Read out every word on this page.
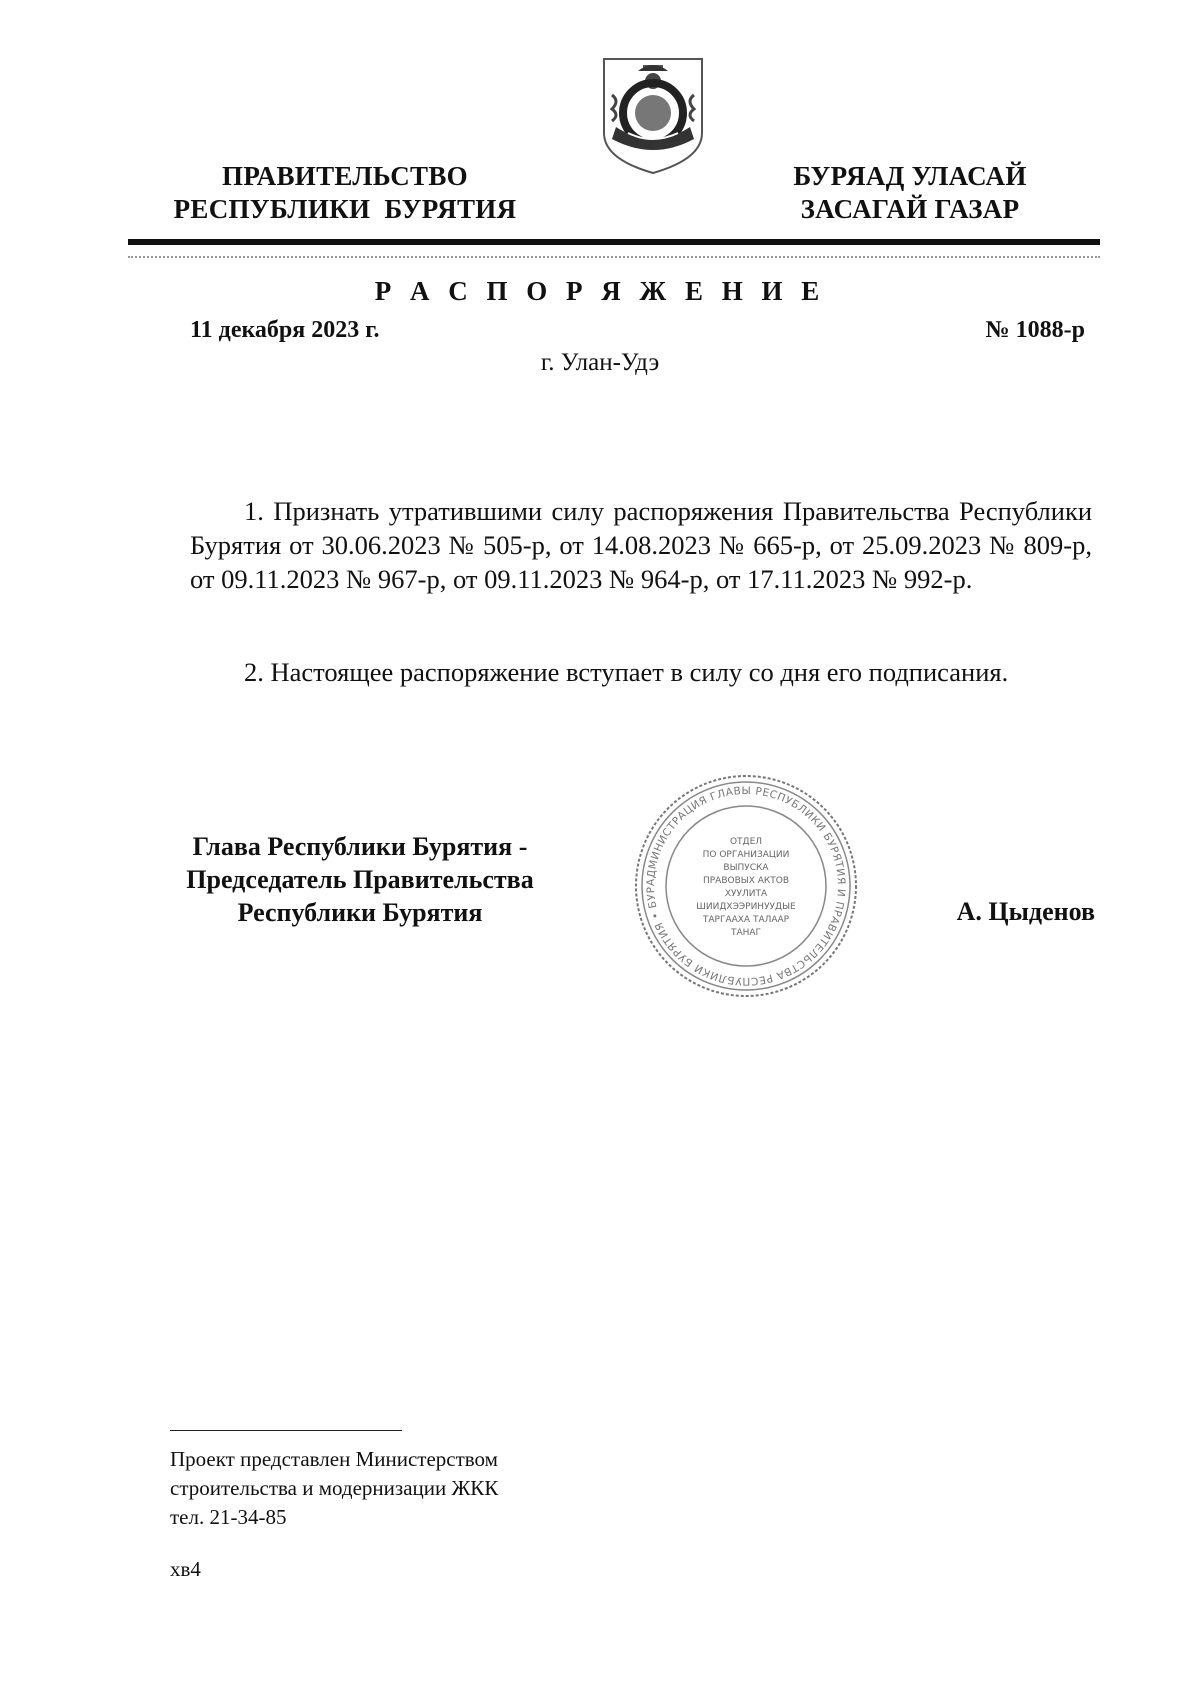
ПРАВИТЕЛЬСТВО
РЕСПУБЛИКИ  БУРЯТИЯ
БУРЯАД УЛАСАЙ
ЗАСАГАЙ ГАЗАР
Р А С П О Р Я Ж Е Н И Е
11 декабря 2023 г.	№ 1088-р
г. Улан-Удэ
1. Признать утратившими силу распоряжения Правительства Республики Бурятия от 30.06.2023 № 505-р, от 14.08.2023 № 665-р, от 25.09.2023 № 809-р, от 09.11.2023 № 967-р, от 09.11.2023 № 964-р, от 17.11.2023 № 992-р.
2. Настоящее распоряжение вступает в силу со дня его подписания.
Глава Республики Бурятия -
Председатель Правительства
Республики Бурятия
АДМИНИСТРАЦИЯ ГЛАВЫ РЕСПУБЛИКИ БУРЯТИЯ И ПРАВИТЕЛЬСТВА РЕСПУБЛИКИ БУРЯТИЯ • БУР
ОТДЕЛ
ПО ОРГАНИЗАЦИИ
ВЫПУСКА
ПРАВОВЫХ АКТОВ
ХУУЛИТА
ШИИДХЭЭРИНУУДЫЕ
ТАРГААХА ТАЛААР
ТАНАГ
А. Цыденов
Проект представлен Министерством
строительства и модернизации ЖКК
тел. 21-34-85
хв4
